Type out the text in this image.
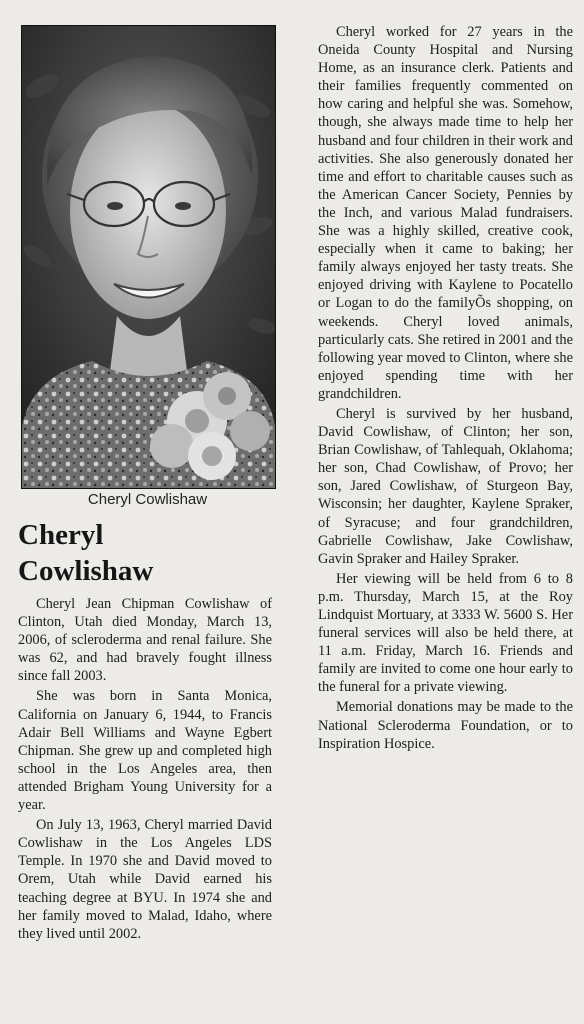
Cheryl Cowlishaw
Cheryl
Cowlishaw

Cheryl Jean Chipman Cowlishaw of Clinton, Utah died Monday, March 13, 2006, of scleroderma and renal failure. She was 62, and had bravely fought illness since fall 2003.

She was born in Santa Monica, California on January 6, 1944, to Francis Adair Bell Williams and Wayne Egbert Chipman. She grew up and completed high school in the Los Angeles area, then attended Brigham Young University for a year.

On July 13, 1963, Cheryl married David Cowlishaw in the Los Angeles LDS Temple. In 1970 she and David moved to Orem, Utah while David earned his teaching degree at BYU. In 1974 she and her family moved to Malad, Idaho, where they lived until 2002.

Cheryl worked for 27 years in the Oneida County Hospital and Nursing Home, as an insurance clerk. Patients and their families frequently commented on how caring and helpful she was. Somehow, though, she always made time to help her husband and four children in their work and activities. She also generously donated her time and effort to charitable causes such as the American Cancer Society, Pennies by the Inch, and various Malad fundraisers. She was a highly skilled, creative cook, especially when it came to baking; her family always enjoyed her tasty treats. She enjoyed driving with Kaylene to Pocatello or Logan to do the familyÕs shopping, on weekends. Cheryl loved animals, particularly cats. She retired in 2001 and the following year moved to Clinton, where she enjoyed spending time with her grandchildren.

Cheryl is survived by her husband, David Cowlishaw, of Clinton; her son, Brian Cowlishaw, of Tahlequah, Oklahoma; her son, Chad Cowlishaw, of Provo; her son, Jared Cowlishaw, of Sturgeon Bay, Wisconsin; her daughter, Kaylene Spraker, of Syracuse; and four grandchildren, Gabrielle Cowlishaw, Jake Cowlishaw, Gavin Spraker and Hailey Spraker.

Her viewing will be held from 6 to 8 p.m. Thursday, March 15, at the Roy Lindquist Mortuary, at 3333 W. 5600 S. Her funeral services will also be held there, at 11 a.m. Friday, March 16. Friends and family are invited to come one hour early to the funeral for a private viewing.

Memorial donations may be made to the National Scleroderma Foundation, or to Inspiration Hospice.
